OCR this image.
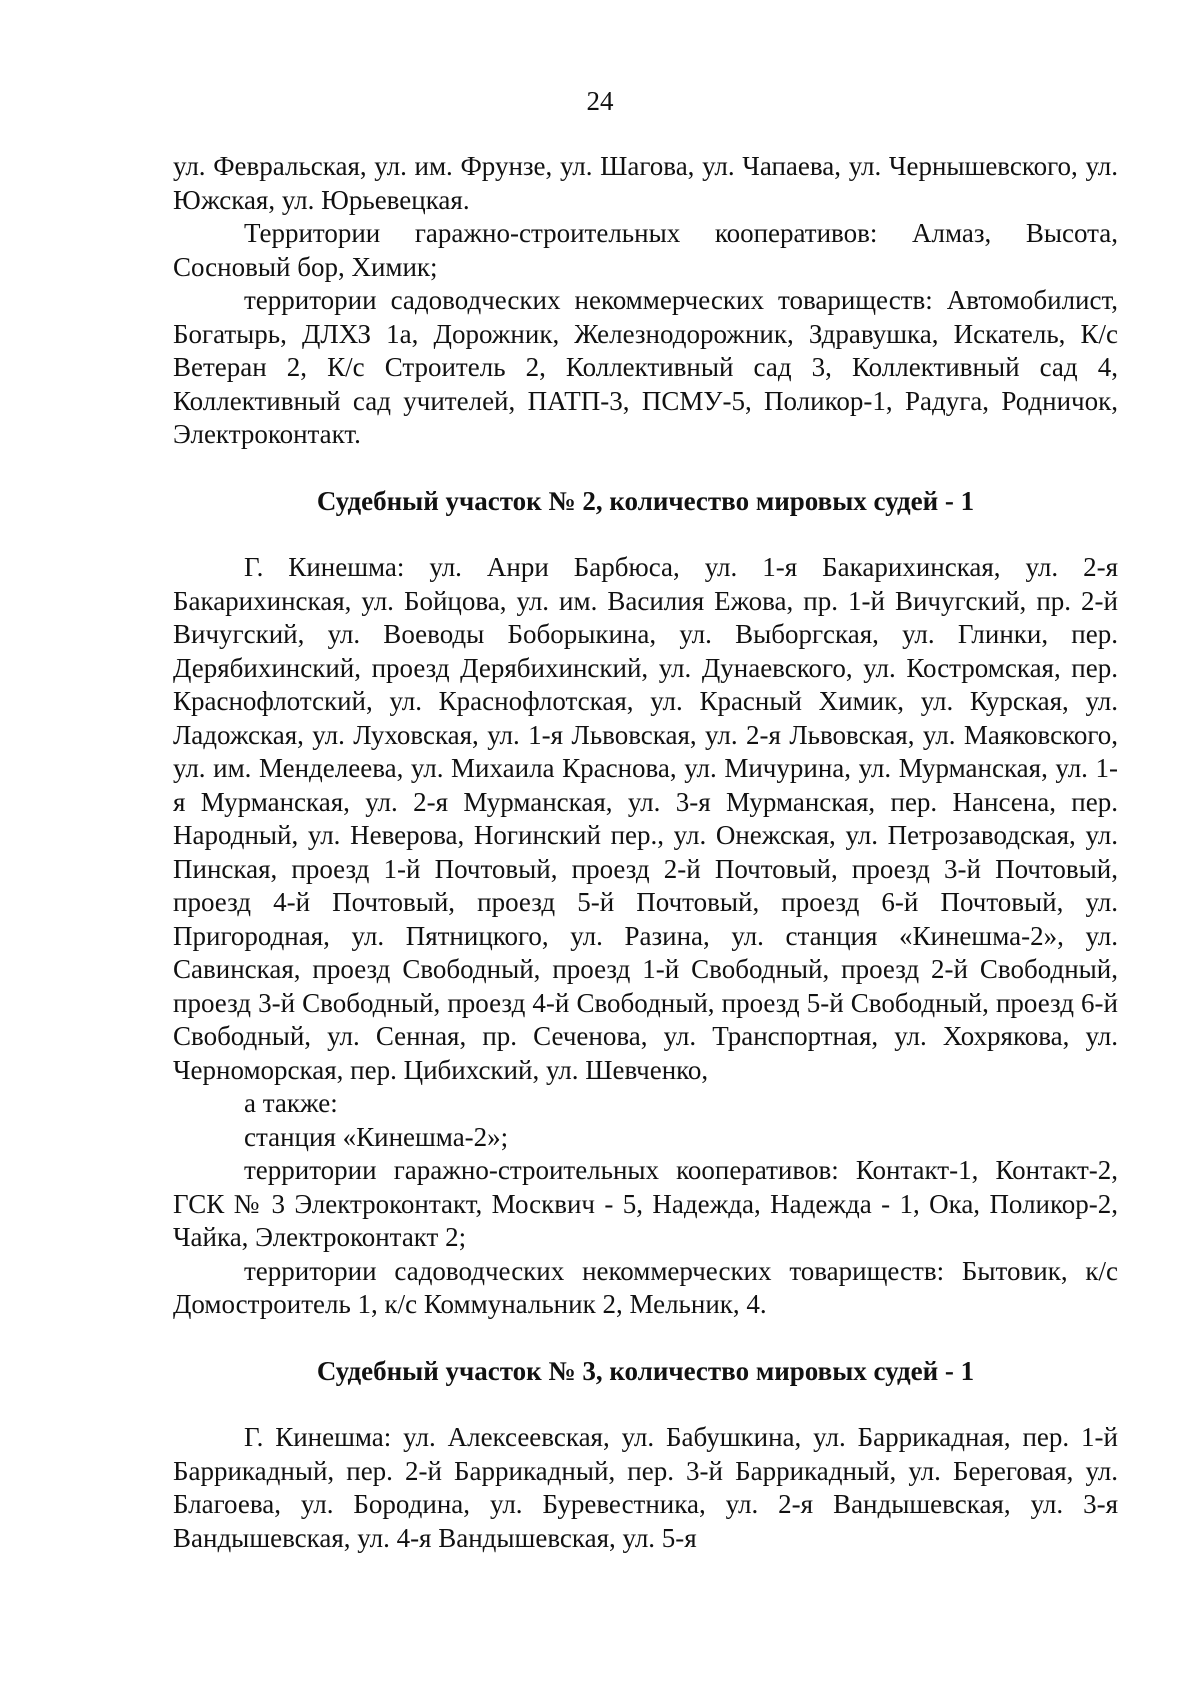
24

ул. Февральская, ул. им. Фрунзе, ул. Шагова, ул. Чапаева, ул. Чернышевского, ул. Южская, ул. Юрьевецкая.

Территории гаражно-строительных кооперативов: Алмаз, Высота, Сосновый бор, Химик;

территории садоводческих некоммерческих товариществ: Автомобилист, Богатырь, ДЛХЗ 1а, Дорожник, Железнодорожник, Здравушка, Искатель, К/с Ветеран 2, К/с Строитель 2, Коллективный сад 3, Коллективный сад 4, Коллективный сад учителей, ПАТП-3, ПСМУ-5, Поликор-1, Радуга, Родничок, Электроконтакт.

Судебный участок № 2, количество мировых судей - 1

Г. Кинешма: ул. Анри Барбюса, ул. 1-я Бакарихинская, ул. 2-я Бакарихинская, ул. Бойцова, ул. им. Василия Ежова, пр. 1-й Вичугский, пр. 2-й Вичугский, ул. Воеводы Боборыкина, ул. Выборгская, ул. Глинки, пер. Дерябихинский, проезд Дерябихинский, ул. Дунаевского, ул. Костромская, пер. Краснофлотский, ул. Краснофлотская, ул. Красный Химик, ул. Курская, ул. Ладожская, ул. Луховская, ул. 1-я Львовская, ул. 2-я Львовская, ул. Маяковского, ул. им. Менделеева, ул. Михаила Краснова, ул. Мичурина, ул. Мурманская, ул. 1-я Мурманская, ул. 2-я Мурманская, ул. 3-я Мурманская, пер. Нансена, пер. Народный, ул. Неверова, Ногинский пер., ул. Онежская, ул. Петрозаводская, ул. Пинская, проезд 1-й Почтовый, проезд 2-й Почтовый, проезд 3-й Почтовый, проезд 4-й Почтовый, проезд 5-й Почтовый, проезд 6-й Почтовый, ул. Пригородная, ул. Пятницкого, ул. Разина, ул. станция «Кинешма-2», ул. Савинская, проезд Свободный, проезд 1-й Свободный, проезд 2-й Свободный, проезд 3-й Свободный, проезд 4-й Свободный, проезд 5-й Свободный, проезд 6-й Свободный, ул. Сенная, пр. Сеченова, ул. Транспортная, ул. Хохрякова, ул. Черноморская, пер. Цибихский, ул. Шевченко,

а также:

станция «Кинешма-2»;

территории гаражно-строительных кооперативов: Контакт-1, Контакт-2, ГСК № 3 Электроконтакт, Москвич - 5, Надежда, Надежда - 1, Ока, Поликор-2, Чайка, Электроконтакт 2;

территории садоводческих некоммерческих товариществ: Бытовик, к/с Домостроитель 1, к/с Коммунальник 2, Мельник, 4.

Судебный участок № 3, количество мировых судей - 1

Г. Кинешма: ул. Алексеевская, ул. Бабушкина, ул. Баррикадная, пер. 1-й Баррикадный, пер. 2-й Баррикадный, пер. 3-й Баррикадный, ул. Береговая, ул. Благоева, ул. Бородина, ул. Буревестника, ул. 2-я Вандышевская, ул. 3-я Вандышевская, ул. 4-я Вандышевская, ул. 5-я
